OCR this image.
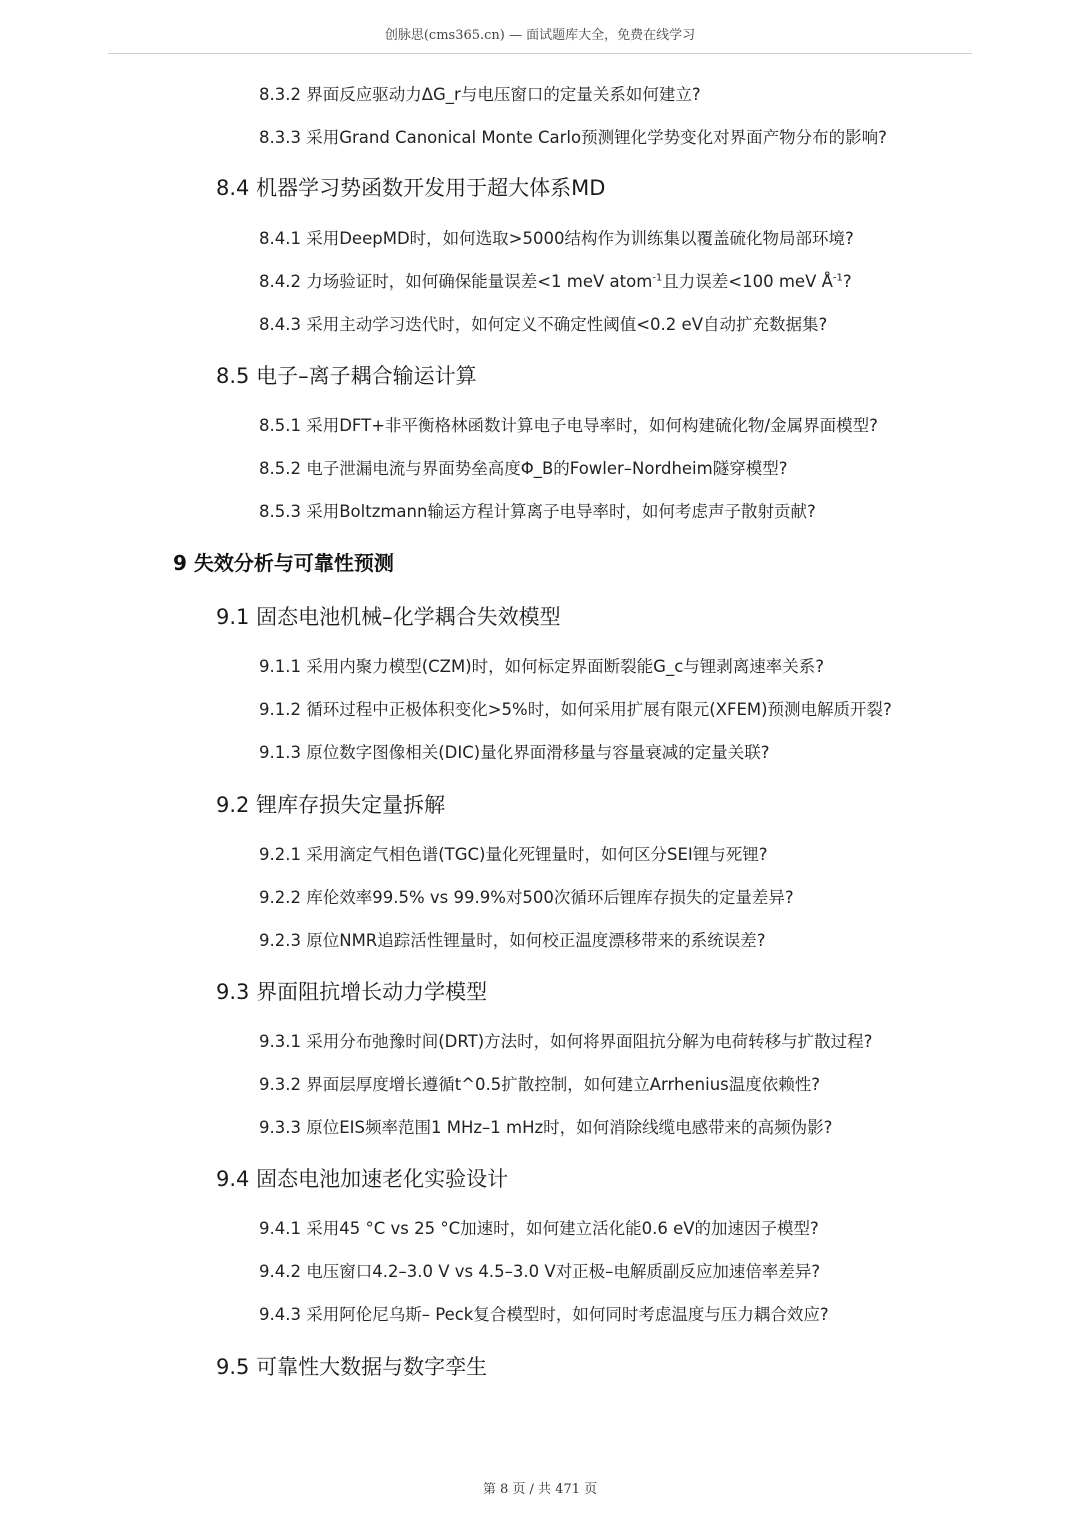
创脉思(cms365.cn) — 面试题库大全，免费在线学习
8.3.2 界面反应驱动力ΔG_r与电压窗口的定量关系如何建立?
8.3.3 采用Grand Canonical Monte Carlo预测锂化学势变化对界面产物分布的影响?
8.4 机器学习势函数开发用于超大体系MD
8.4.1 采用DeepMD时，如何选取>5000结构作为训练集以覆盖硫化物局部环境?
8.4.2 力场验证时，如何确保能量误差<1 meV atom$^{-1}$且力误差<100 meV $Å^{-1}$?
8.4.3 采用主动学习迭代时，如何定义不确定性阈值<0.2 eV自动扩充数据集?
8.5 电子–离子耦合输运计算
8.5.1 采用DFT+非平衡格林函数计算电子电导率时，如何构建硫化物/金属界面模型?
8.5.2 电子泄漏电流与界面势垒高度Φ_B的Fowler–Nordheim隧穿模型?
8.5.3 采用Boltzmann输运方程计算离子电导率时，如何考虑声子散射贡献?
9 失效分析与可靠性预测
9.1 固态电池机械–化学耦合失效模型
9.1.1 采用内聚力模型(CZM)时，如何标定界面断裂能G_c与锂剥离速率关系?
9.1.2 循环过程中正极体积变化>5%时，如何采用扩展有限元(XFEM)预测电解质开裂?
9.1.3 原位数字图像相关(DIC)量化界面滑移量与容量衰减的定量关联?
9.2 锂库存损失定量拆解
9.2.1 采用滴定气相色谱(TGC)量化死锂量时，如何区分SEI锂与死锂?
9.2.2 库伦效率99.5% vs 99.9%对500次循环后锂库存损失的定量差异?
9.2.3 原位NMR追踪活性锂量时，如何校正温度漂移带来的系统误差?
9.3 界面阻抗增长动力学模型
9.3.1 采用分布弛豫时间(DRT)方法时，如何将界面阻抗分解为电荷转移与扩散过程?
9.3.2 界面层厚度增长遵循t^0.5扩散控制，如何建立Arrhenius温度依赖性?
9.3.3 原位EIS频率范围1 MHz–1 mHz时，如何消除线缆电感带来的高频伪影?
9.4 固态电池加速老化实验设计
9.4.1 采用45 °C vs 25 °C加速时，如何建立活化能0.6 eV的加速因子模型?
9.4.2 电压窗口4.2–3.0 V vs 4.5–3.0 V对正极–电解质副反应加速倍率差异?
9.4.3 采用阿伦尼乌斯– Peck复合模型时，如何同时考虑温度与压力耦合效应?
9.5 可靠性大数据与数字孪生
第 8 页 / 共 471 页
